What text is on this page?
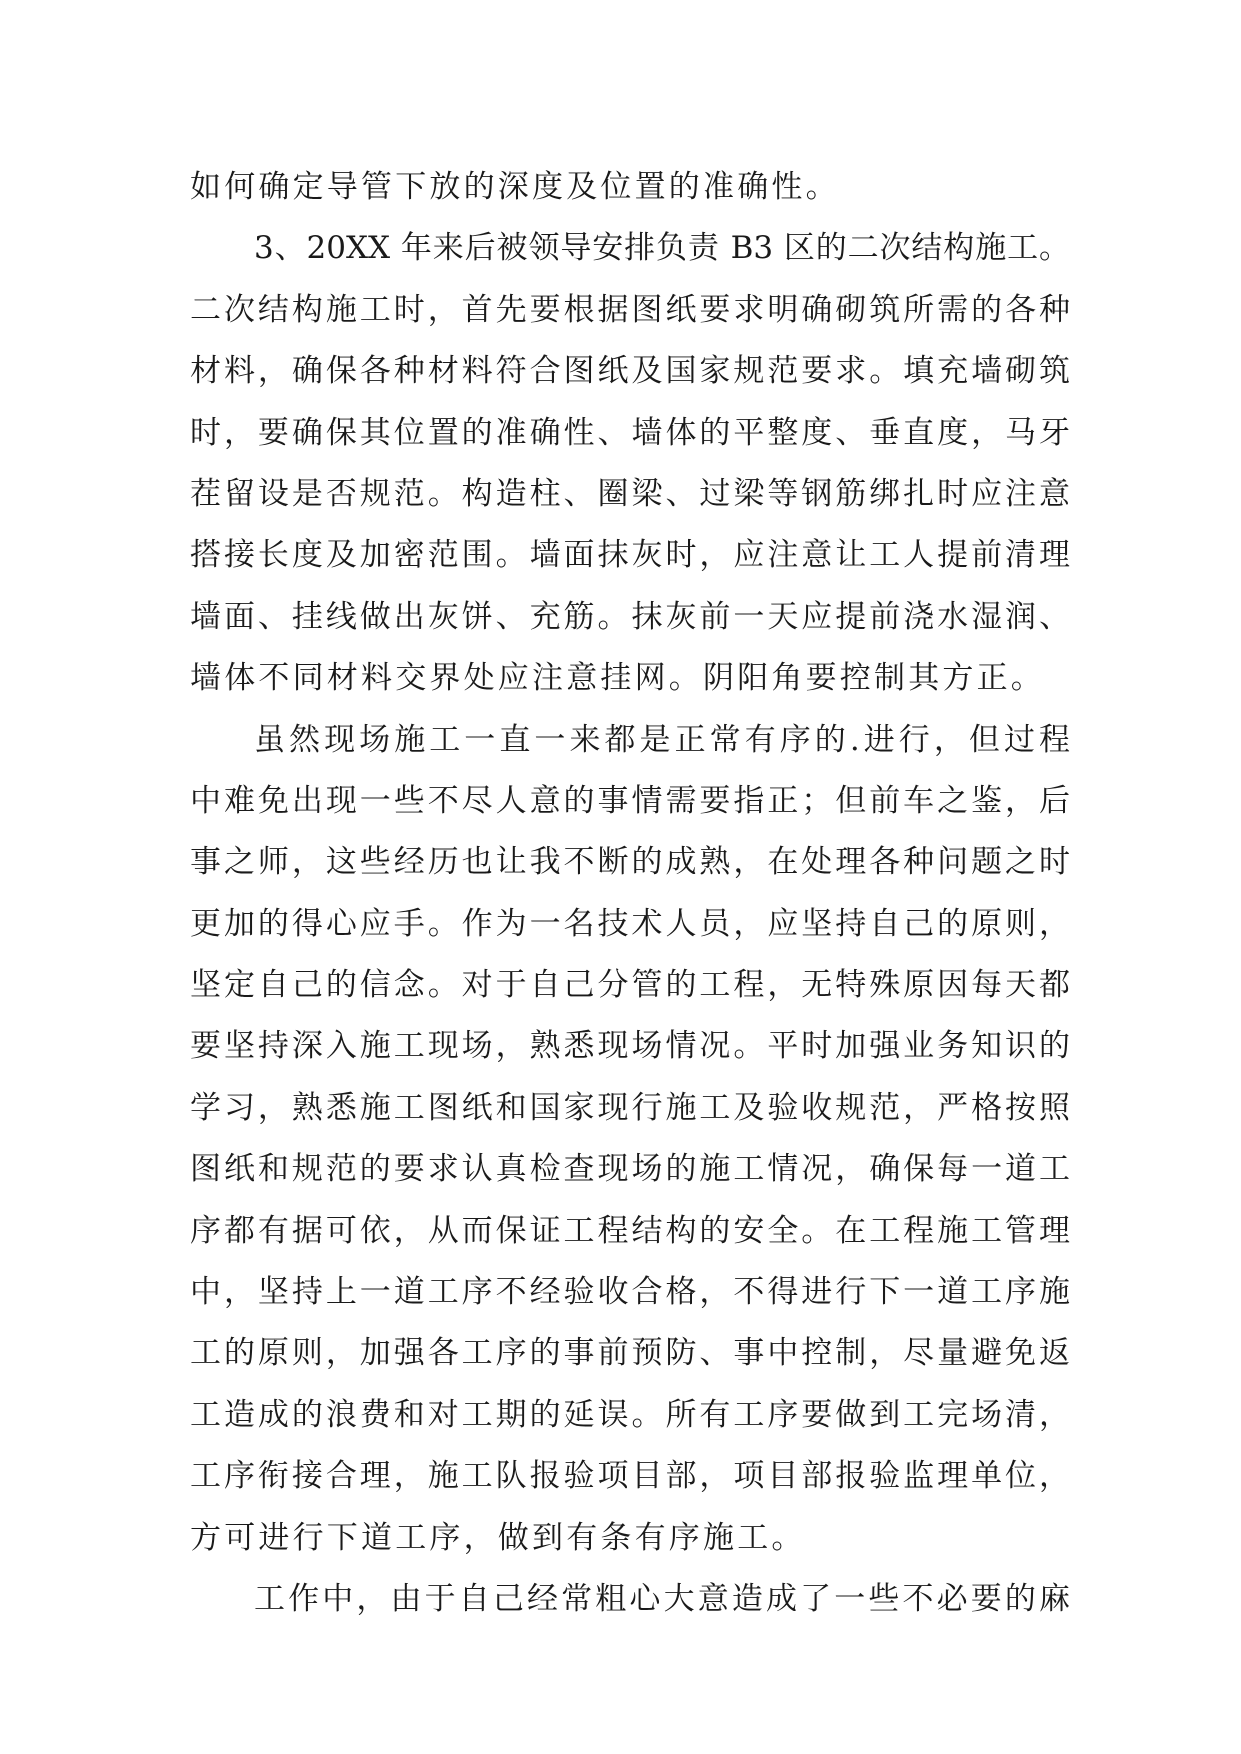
如何确定导管下放的深度及位置的准确性。
3、20XX 年来后被领导安排负责 B3 区的二次结构施工。
二次结构施工时，首先要根据图纸要求明确砌筑所需的各种
材料，确保各种材料符合图纸及国家规范要求。填充墙砌筑
时，要确保其位置的准确性、墙体的平整度、垂直度，马牙
茬留设是否规范。构造柱、圈梁、过梁等钢筋绑扎时应注意
搭接长度及加密范围。墙面抹灰时，应注意让工人提前清理
墙面、挂线做出灰饼、充筋。抹灰前一天应提前浇水湿润、
墙体不同材料交界处应注意挂网。阴阳角要控制其方正。
虽然现场施工一直一来都是正常有序的.进行，但过程
中难免出现一些不尽人意的事情需要指正；但前车之鉴，后
事之师，这些经历也让我不断的成熟，在处理各种问题之时
更加的得心应手。作为一名技术人员，应坚持自己的原则，
坚定自己的信念。对于自己分管的工程，无特殊原因每天都
要坚持深入施工现场，熟悉现场情况。平时加强业务知识的
学习，熟悉施工图纸和国家现行施工及验收规范，严格按照
图纸和规范的要求认真检查现场的施工情况，确保每一道工
序都有据可依，从而保证工程结构的安全。在工程施工管理
中，坚持上一道工序不经验收合格，不得进行下一道工序施
工的原则，加强各工序的事前预防、事中控制，尽量避免返
工造成的浪费和对工期的延误。所有工序要做到工完场清，
工序衔接合理，施工队报验项目部，项目部报验监理单位，
方可进行下道工序，做到有条有序施工。
工作中，由于自己经常粗心大意造成了一些不必要的麻
